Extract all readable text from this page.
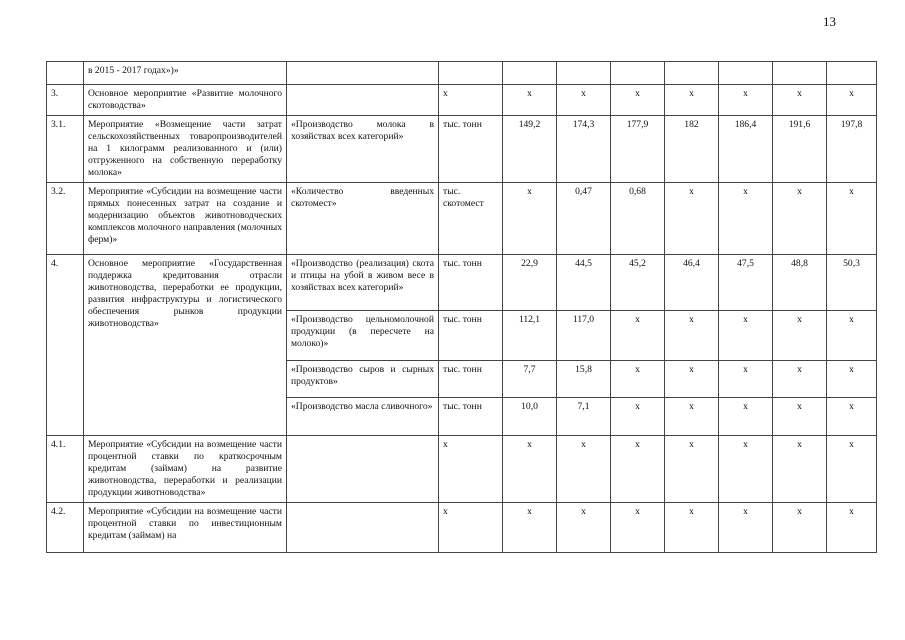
13
	в 2015 - 2017 годах»)»									
3.	Основное мероприятие «Развитие молочного скотоводства»		х	х	х	х	х	х	х	х
3.1.	Мероприятие «Возмещение части затрат сельскохозяйственных товаропроизводителей на 1 килограмм реализованного и (или) отгруженного на собственную переработку молока»	«Производство молока в хозяйствах всех категорий»	тыс. тонн	149,2	174,3	177,9	182	186,4	191,6	197,8
3.2.	Мероприятие «Субсидии на возмещение части прямых понесенных затрат на создание и модернизацию объектов животноводческих комплексов молочного направления (молочных ферм)»	«Количество введенных скотомест»	тыс. скотомест	х	0,47	0,68	х	х	х	х
4.	Основное мероприятие «Государственная поддержка кредитования отрасли животноводства, переработки ее продукции, развития инфраструктуры и логистического обеспечения рынков продукции животноводства»	«Производство (реализация) скота и птицы на убой в живом весе в хозяйствах всех категорий»	тыс. тонн	22,9	44,5	45,2	46,4	47,5	48,8	50,3
		«Производство цельномолочной продукции (в пересчете на молоко)»	тыс. тонн	112,1	117,0	х	х	х	х	х
		«Производство сыров и сырных продуктов»	тыс. тонн	7,7	15,8	х	х	х	х	х
		«Производство масла сливочного»	тыс. тонн	10,0	7,1	х	х	х	х	х
4.1.	Мероприятие «Субсидии на возмещение части процентной ставки по краткосрочным кредитам (займам) на развитие животноводства, переработки и реализации продукции животноводства»		х	х	х	х	х	х	х	х
4.2.	Мероприятие «Субсидии на возмещение части процентной ставки по инвестиционным кредитам (займам) на		х	х	х	х	х	х	х	х
